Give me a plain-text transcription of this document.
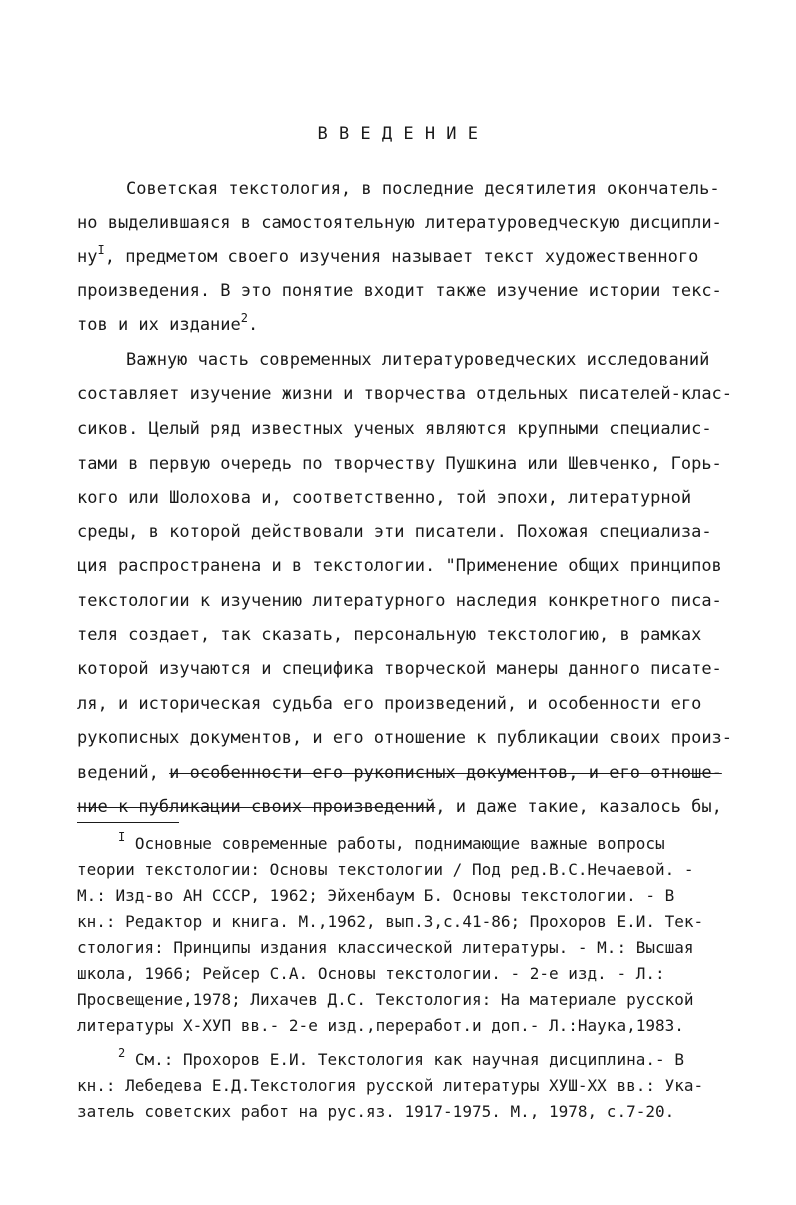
В В Е Д Е Н И Е
Советская текстология, в последние десятилетия окончатель-
но выделившаяся в самостоятельную литературоведческую дисципли-
$ну^I$, предметом своего изучения называет текст художественного
произведения. В это понятие входит также изучение истории текс-
тов и их издание$^2$.
Важную часть современных литературоведческих исследований
составляет изучение жизни и творчества отдельных писателей-клас-
сиков. Целый ряд известных ученых являются крупными специалис-
тами в первую очередь по творчеству Пушкина или Шевченко, Горь-
кого или Шолохова и, соответственно, той эпохи, литературной
среды, в которой действовали эти писатели. Похожая специализа-
ция распространена и в текстологии. "Применение общих принципов
текстологии к изучению литературного наследия конкретного писа-
теля создает, так сказать, персональную текстологию, в рамках
которой изучаются и специфика творческой манеры данного писате-
ля, и историческая судьба его произведений, и особенности его
рукописных документов, и его отношение к публикации своих произ-
ведений, и особенности его рукописных документов, и его отноше-
ние к публикации своих произведений, и даже такие, казалось бы,
$^I$ Основные современные работы, поднимающие важные вопросы
теории текстологии: Основы текстологии / Под ред.В.С.Нечаевой. -
М.: Изд-во АН СССР, 1962; Эйхенбаум Б. Основы текстологии. - В
кн.: Редактор и книга. М.,1962, вып.3,с.41-86; Прохоров Е.И. Тек-
стология: Принципы издания классической литературы. - М.: Высшая
школа, 1966; Рейсер С.А. Основы текстологии. - 2-е изд. - Л.:
Просвещение,1978; Лихачев Д.С. Текстология: На материале русской
литературы Х-ХУП вв.- 2-е изд.,переработ.и доп.- Л.:Наука,1983.
$^2$ См.: Прохоров Е.И. Текстология как научная дисциплина.- В
кн.: Лебедева Е.Д.Текстология русской литературы ХУШ-ХХ вв.: Ука-
затель советских работ на рус.яз. 1917-1975. М., 1978, с.7-20.
